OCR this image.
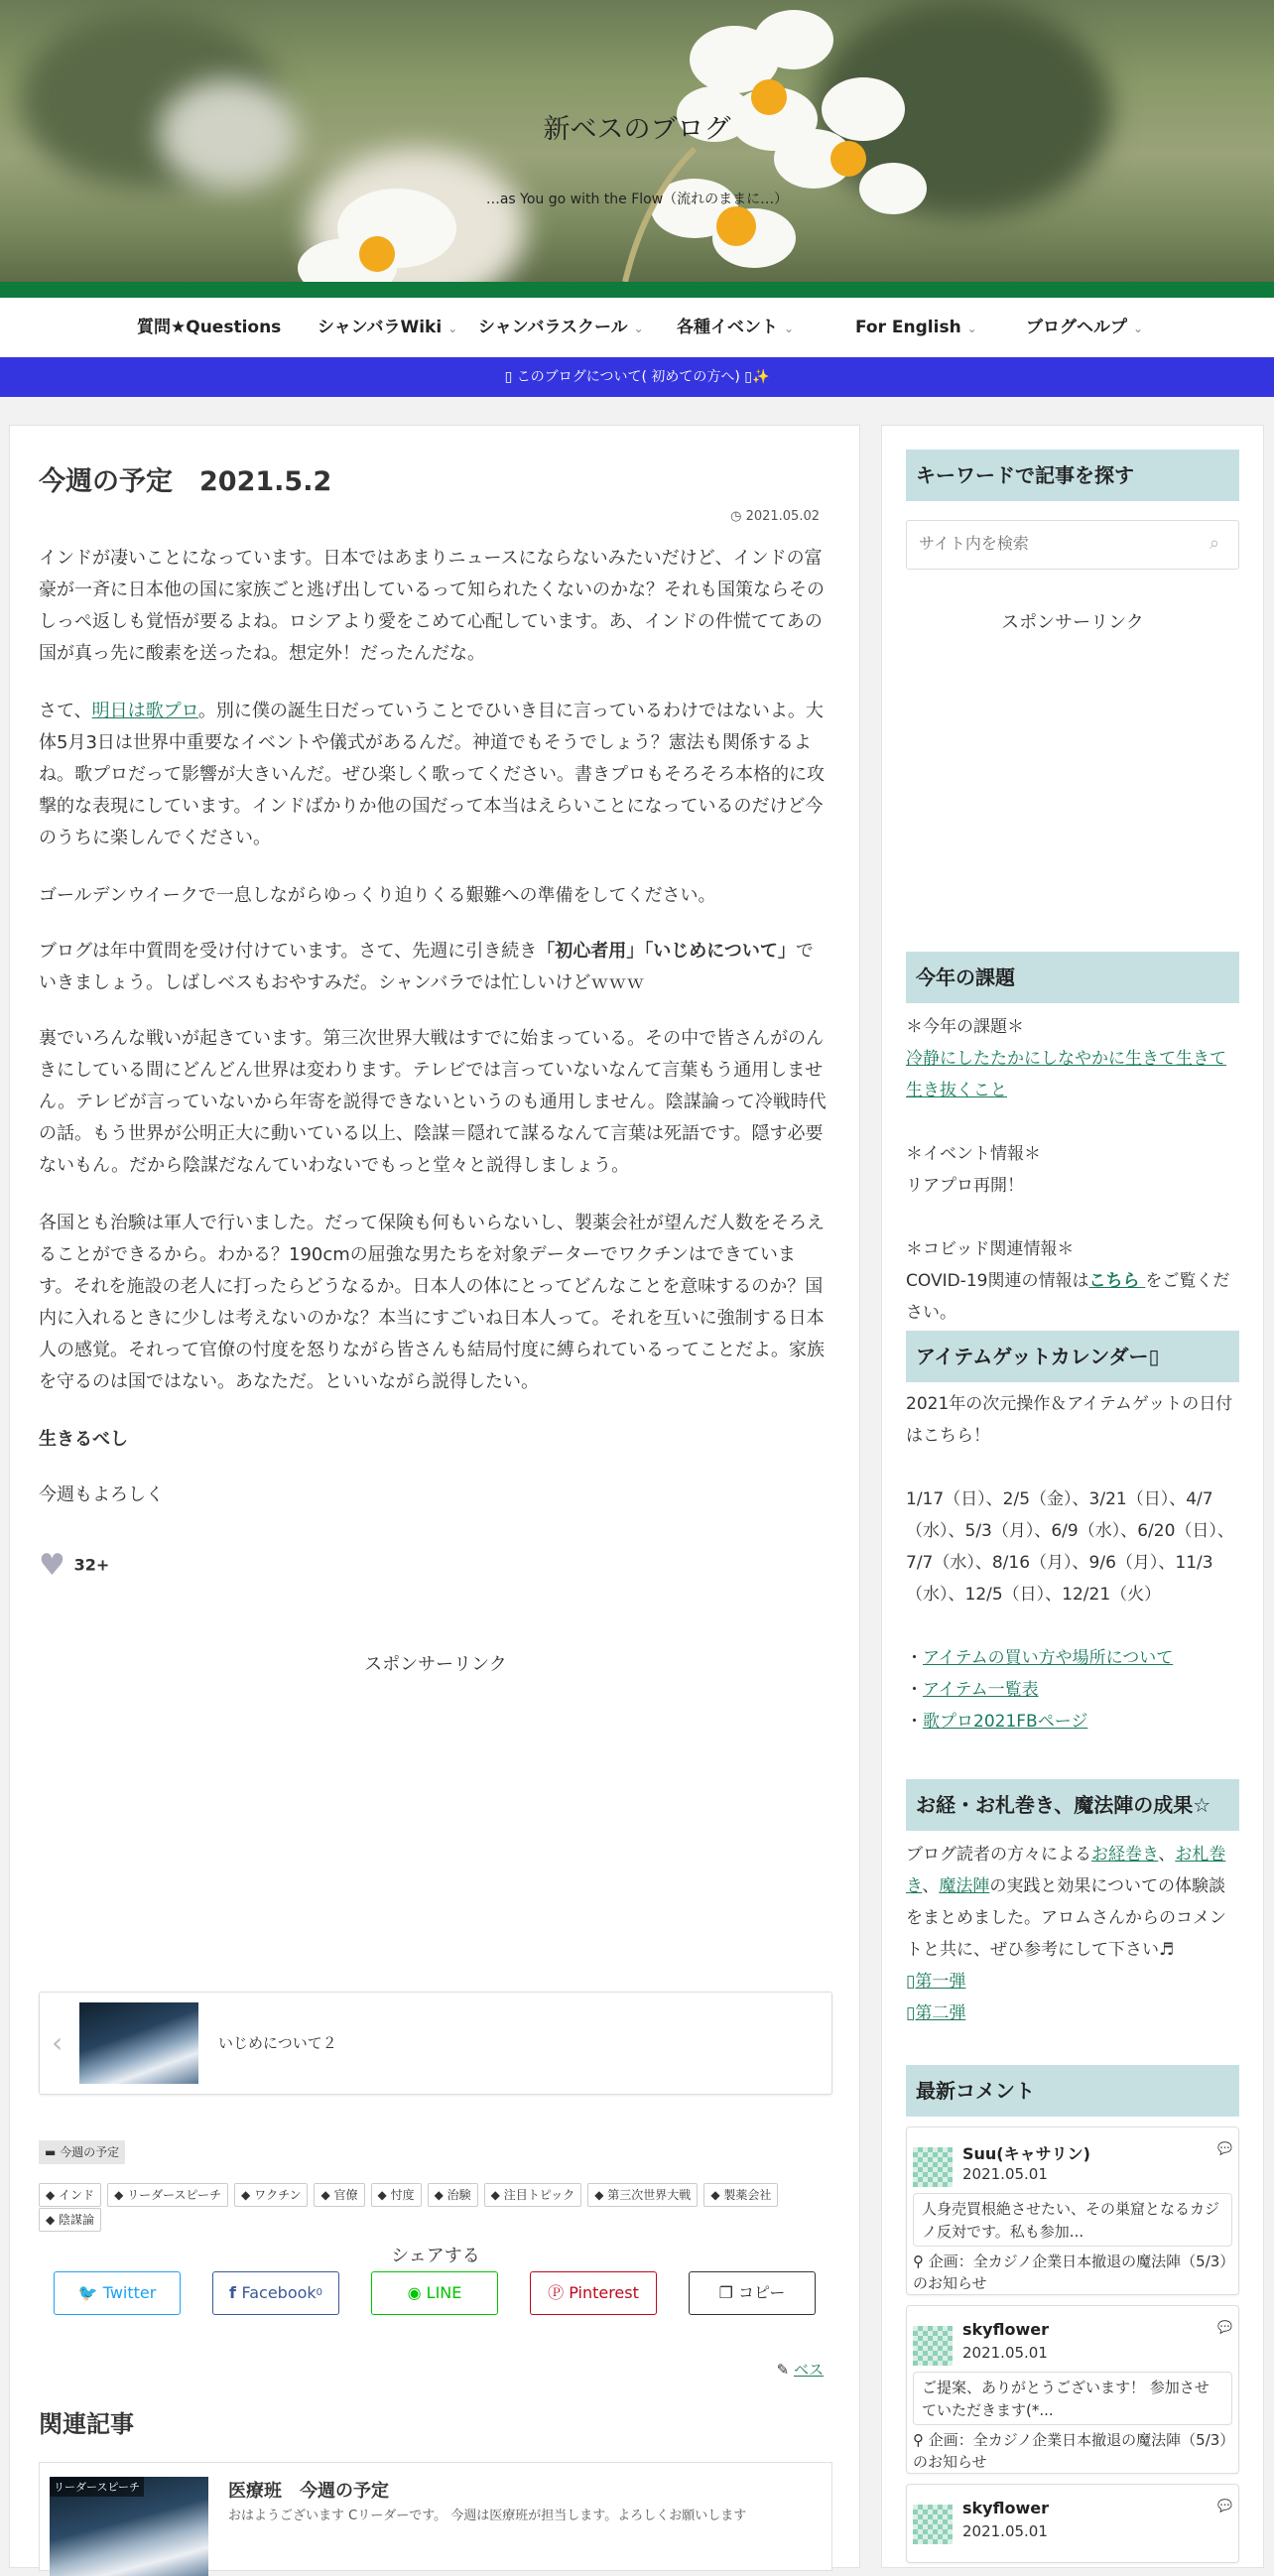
新ベスのブログ
…as You go with the Flow（流れのままに…）
質問★Questions シャンバラWiki ⌄ シャンバラスクール ⌄ 各種イベント ⌄	For English ⌄	ブログヘルプ ⌄
▯ このブログについて( 初めての方へ) ▯✨
今週の予定　2021.5.2
◷ 2021.05.02

インドが凄いことになっています。日本ではあまりニュースにならないみたいだけど、インドの富豪が一斉に日本他の国に家族ごと逃げ出しているって知られたくないのかな？それも国策ならそのしっぺ返しも覚悟が要るよね。ロシアより愛をこめて心配しています。あ、インドの件慌ててあの国が真っ先に酸素を送ったね。想定外！だったんだな。

さて、明日は歌プロ。別に僕の誕生日だっていうことでひいき目に言っているわけではないよ。大体5月3日は世界中重要なイベントや儀式があるんだ。神道でもそうでしょう？憲法も関係するよね。歌プロだって影響が大きいんだ。ぜひ楽しく歌ってください。書きプロもそろそろ本格的に攻撃的な表現にしています。インドばかりか他の国だって本当はえらいことになっているのだけど今のうちに楽しんでください。

ゴールデンウイークで一息しながらゆっくり迫りくる艱難への準備をしてください。

ブログは年中質問を受け付けています。さて、先週に引き続き「初心者用」「いじめについて」でいきましょう。しばしベスもおやすみだ。シャンバラでは忙しいけどｗｗｗ

裏でいろんな戦いが起きています。第三次世界大戦はすでに始まっている。その中で皆さんがのんきにしている間にどんどん世界は変わります。テレビでは言っていないなんて言葉もう通用しません。テレビが言っていないから年寄を説得できないというのも通用しません。陰謀論って冷戦時代の話。もう世界が公明正大に動いている以上、陰謀＝隠れて謀るなんて言葉は死語です。隠す必要ないもん。だから陰謀だなんていわないでもっと堂々と説得しましょう。

各国とも治験は軍人で行いました。だって保険も何もいらないし、製薬会社が望んだ人数をそろえることができるから。わかる？190cmの屈強な男たちを対象データーでワクチンはできています。それを施設の老人に打ったらどうなるか。日本人の体にとってどんなことを意味するのか？国内に入れるときに少しは考えないのかな？本当にすごいね日本人って。それを互いに強制する日本人の感覚。それって官僚の忖度を怒りながら皆さんも結局忖度に縛られているってことだよ。家族を守るのは国ではない。あなただ。といいながら説得したい。

生きるべし

今週もよろしく

♥ 32+
スポンサーリンク
‹	いじめについて２
▬ 今週の予定
◆ インド ◆ リーダースピーチ ◆ ワクチン ◆ 官僚 ◆ 忖度 ◆ 治験 ◆ 注目トピック ◆ 第三次世界大戦 ◆ 製薬会社◆ 陰謀論
シェアする
🐦 Twitter	f Facebook0	◉ LINE	Ⓟ Pinterest	❐ コピー
✎ ベス
関連記事
リーダースピーチ	医療班　今週の予定
おはようございます Cリーダーです。 今週は医療班が担当します。よろしくお願いします
キーワードで記事を探す
サイト内を検索
⌕
スポンサーリンク
今年の課題
＊今年の課題＊
冷静にしたたかにしなやかに生きて生きて生き抜くこと
＊イベント情報＊
リアプロ再開！
＊コビッド関連情報＊
COVID-19関連の情報はこちら をご覧ください。
アイテムゲットカレンダー▯
2021年の次元操作＆アイテムゲットの日付はこちら！
1/17（日）、2/5（金）、3/21（日）、4/7（水）、5/3（月）、6/9（水）、6/20（日）、7/7（水）、8/16（月）、9/6（月）、11/3（水）、12/5（日）、12/21（火）
・アイテムの買い方や場所について
・アイテム一覧表
・歌プロ2021FBページ
お経・お札巻き、魔法陣の成果☆
ブログ読者の方々によるお経巻き、お札巻き、魔法陣の実践と効果についての体験談をまとめました。アロムさんからのコメントと共に、ぜひ参考にして下さい♬
▯第一弾
▯第二弾
最新コメント
Suu(キャサリン)
2021.05.01
💬
人身売買根絶させたい、その巣窟となるカジノ反対です。私も参加...
⚲ 企画：全カジノ企業日本撤退の魔法陣（5/3）のお知らせ
skyflower
2021.05.01
💬
ご提案、ありがとうございます！ 参加させていただきます(*...
⚲ 企画：全カジノ企業日本撤退の魔法陣（5/3）のお知らせ
skyflower
2021.05.01
💬
